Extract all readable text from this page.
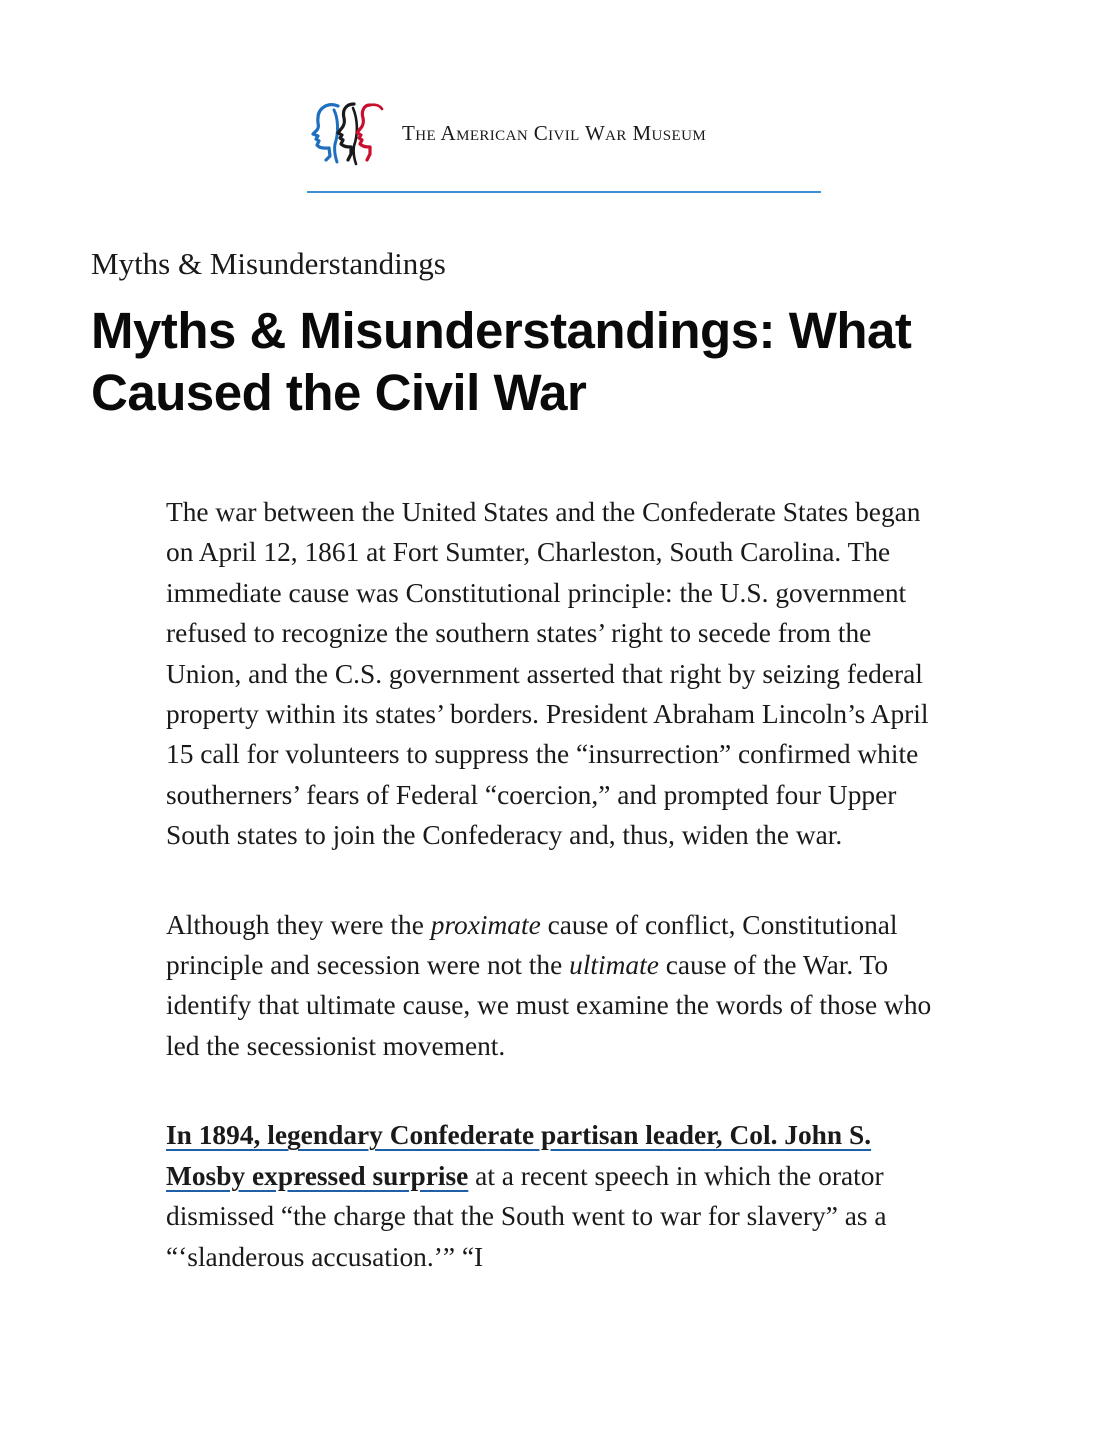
The American Civil War Museum
Myths & Misunderstandings
Myths & Misunderstandings: What Caused the Civil War

The war between the United States and the Confederate States began on April 12, 1861 at Fort Sumter, Charleston, South Carolina. The immediate cause was Constitutional principle: the U.S. government refused to recognize the southern states’ right to secede from the Union, and the C.S. government asserted that right by seizing federal property within its states’ borders. President Abraham Lincoln’s April 15 call for volunteers to suppress the “insurrection” confirmed white southerners’ fears of Federal “coercion,” and prompted four Upper South states to join the Confederacy and, thus, widen the war.

Although they were the proximate cause of conflict, Constitutional principle and secession were not the ultimate cause of the War. To identify that ultimate cause, we must examine the words of those who led the secessionist movement.

In 1894, legendary Confederate partisan leader, Col. John S. Mosby expressed surprise at a recent speech in which the orator dismissed “the charge that the South went to war for slavery” as a “‘slanderous accusation.’” “I
